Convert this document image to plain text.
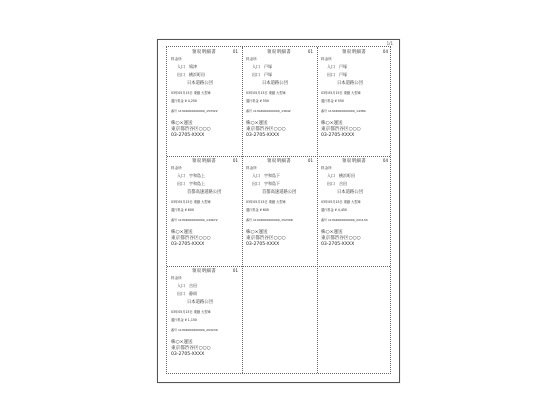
1/1
領収明細書	01
料金所
入口 鳩津
出口 横浜町田
日本道路公団
03年05月15日 乗継 大型車
通行料金 ¥ 4,250
番号 11304000000000_153322
株○×運送
東京都渋谷区○○○
03-2705-XXXX
領収明細書	01
料金所
入口 戸塚
出口 戸塚
日本道路公団
03年05月15日 乗継 大型車
通行料金 ¥ 550
番号 11304000000000_13642
株○×運送
東京都渋谷区○○○
03-2705-XXXX
領収明細書	04
料金所
入口 戸塚
出口 戸塚
日本道路公団
03年05月15日 乗継 大型車
通行料金 ¥ 550
番号 11304000000000_14384
株○×運送
東京都渋谷区○○○
03-2705-XXXX
領収明細書	01
料金所
入口 宇和島上
出口 宇和島上
首都高速道路公団
03年05月15日 乗継 大型車
通行料金 ¥ 600
番号 11304000000000_144672
株○×運送
東京都渋谷区○○○
03-2705-XXXX
領収明細書	01
料金所
入口 宇和島下
出口 宇和島下
首都高速道路公団
03年05月15日 乗継 大型車
通行料金 ¥ 600
番号 11304000000000_152308
株○×運送
東京都渋谷区○○○
03-2705-XXXX
領収明細書	04
料金所
入口 横浜町田
出口 吉田
日本道路公団
03年05月15日 乗継 大型車
通行料金 ¥ 4,450
番号 11304000000000_221134
株○×運送
東京都渋谷区○○○
03-2705-XXXX
領収明細書	01
料金所
入口 吉田
出口 静岡
日本道路公団
03年05月15日 乗継 大型車
通行料金 ¥ 1,150
番号 11304000000000_203239
株○×運送
東京都渋谷区○○○
03-2705-XXXX
